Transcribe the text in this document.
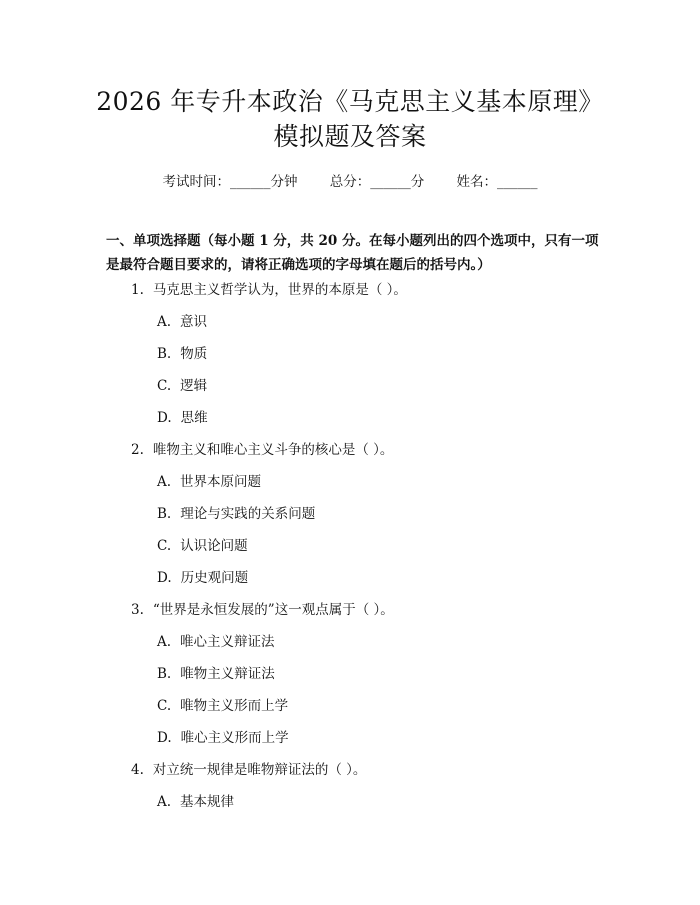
2026 年专升本政治《马克思主义基本原理》
模拟题及答案
考试时间：______分钟 总分：______分 姓名：______
一、单项选择题（每小题 1 分，共 20 分。在每小题列出的四个选项中，只有一项
是最符合题目要求的，请将正确选项的字母填在题后的括号内。）
1. 马克思主义哲学认为，世界的本原是（ ）。
A. 意识
B. 物质
C. 逻辑
D. 思维
2. 唯物主义和唯心主义斗争的核心是（ ）。
A. 世界本原问题
B. 理论与实践的关系问题
C. 认识论问题
D. 历史观问题
3. “世界是永恒发展的”这一观点属于（ ）。
A. 唯心主义辩证法
B. 唯物主义辩证法
C. 唯物主义形而上学
D. 唯心主义形而上学
4. 对立统一规律是唯物辩证法的（ ）。
A. 基本规律
